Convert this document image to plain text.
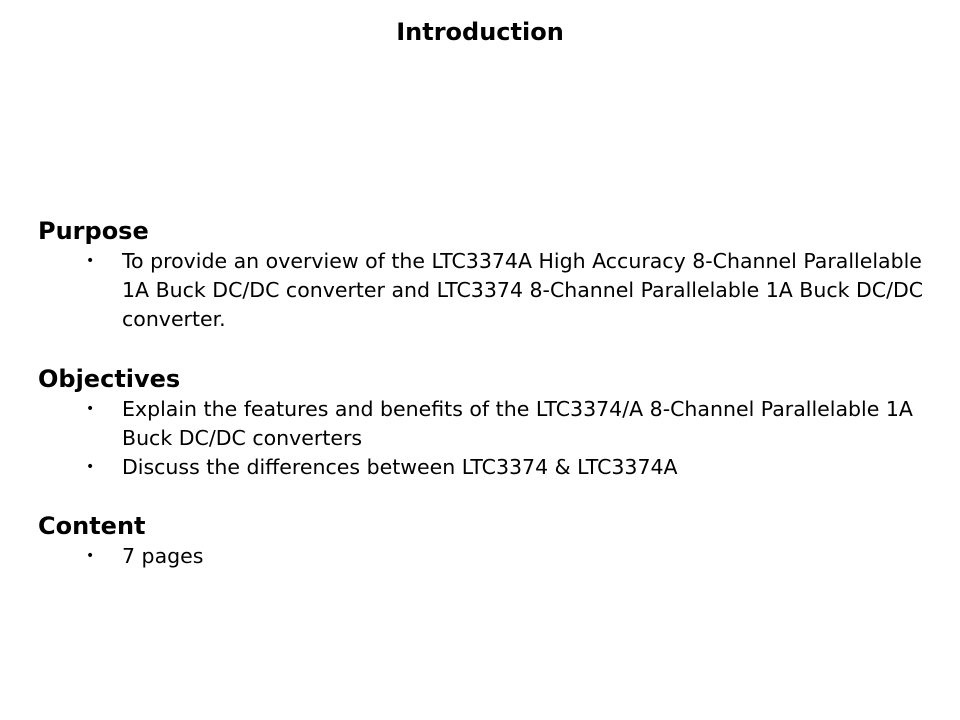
Introduction
Purpose
• To provide an overview of the LTC3374A High Accuracy 8-Channel Parallelable 1A Buck DC/DC converter and LTC3374 8-Channel Parallelable 1A Buck DC/DC converter.
Objectives
• Explain the features and benefits of the LTC3374/A 8-Channel Parallelable 1A Buck DC/DC converters
• Discuss the differences between LTC3374 & LTC3374A
Content
• 7 pages
